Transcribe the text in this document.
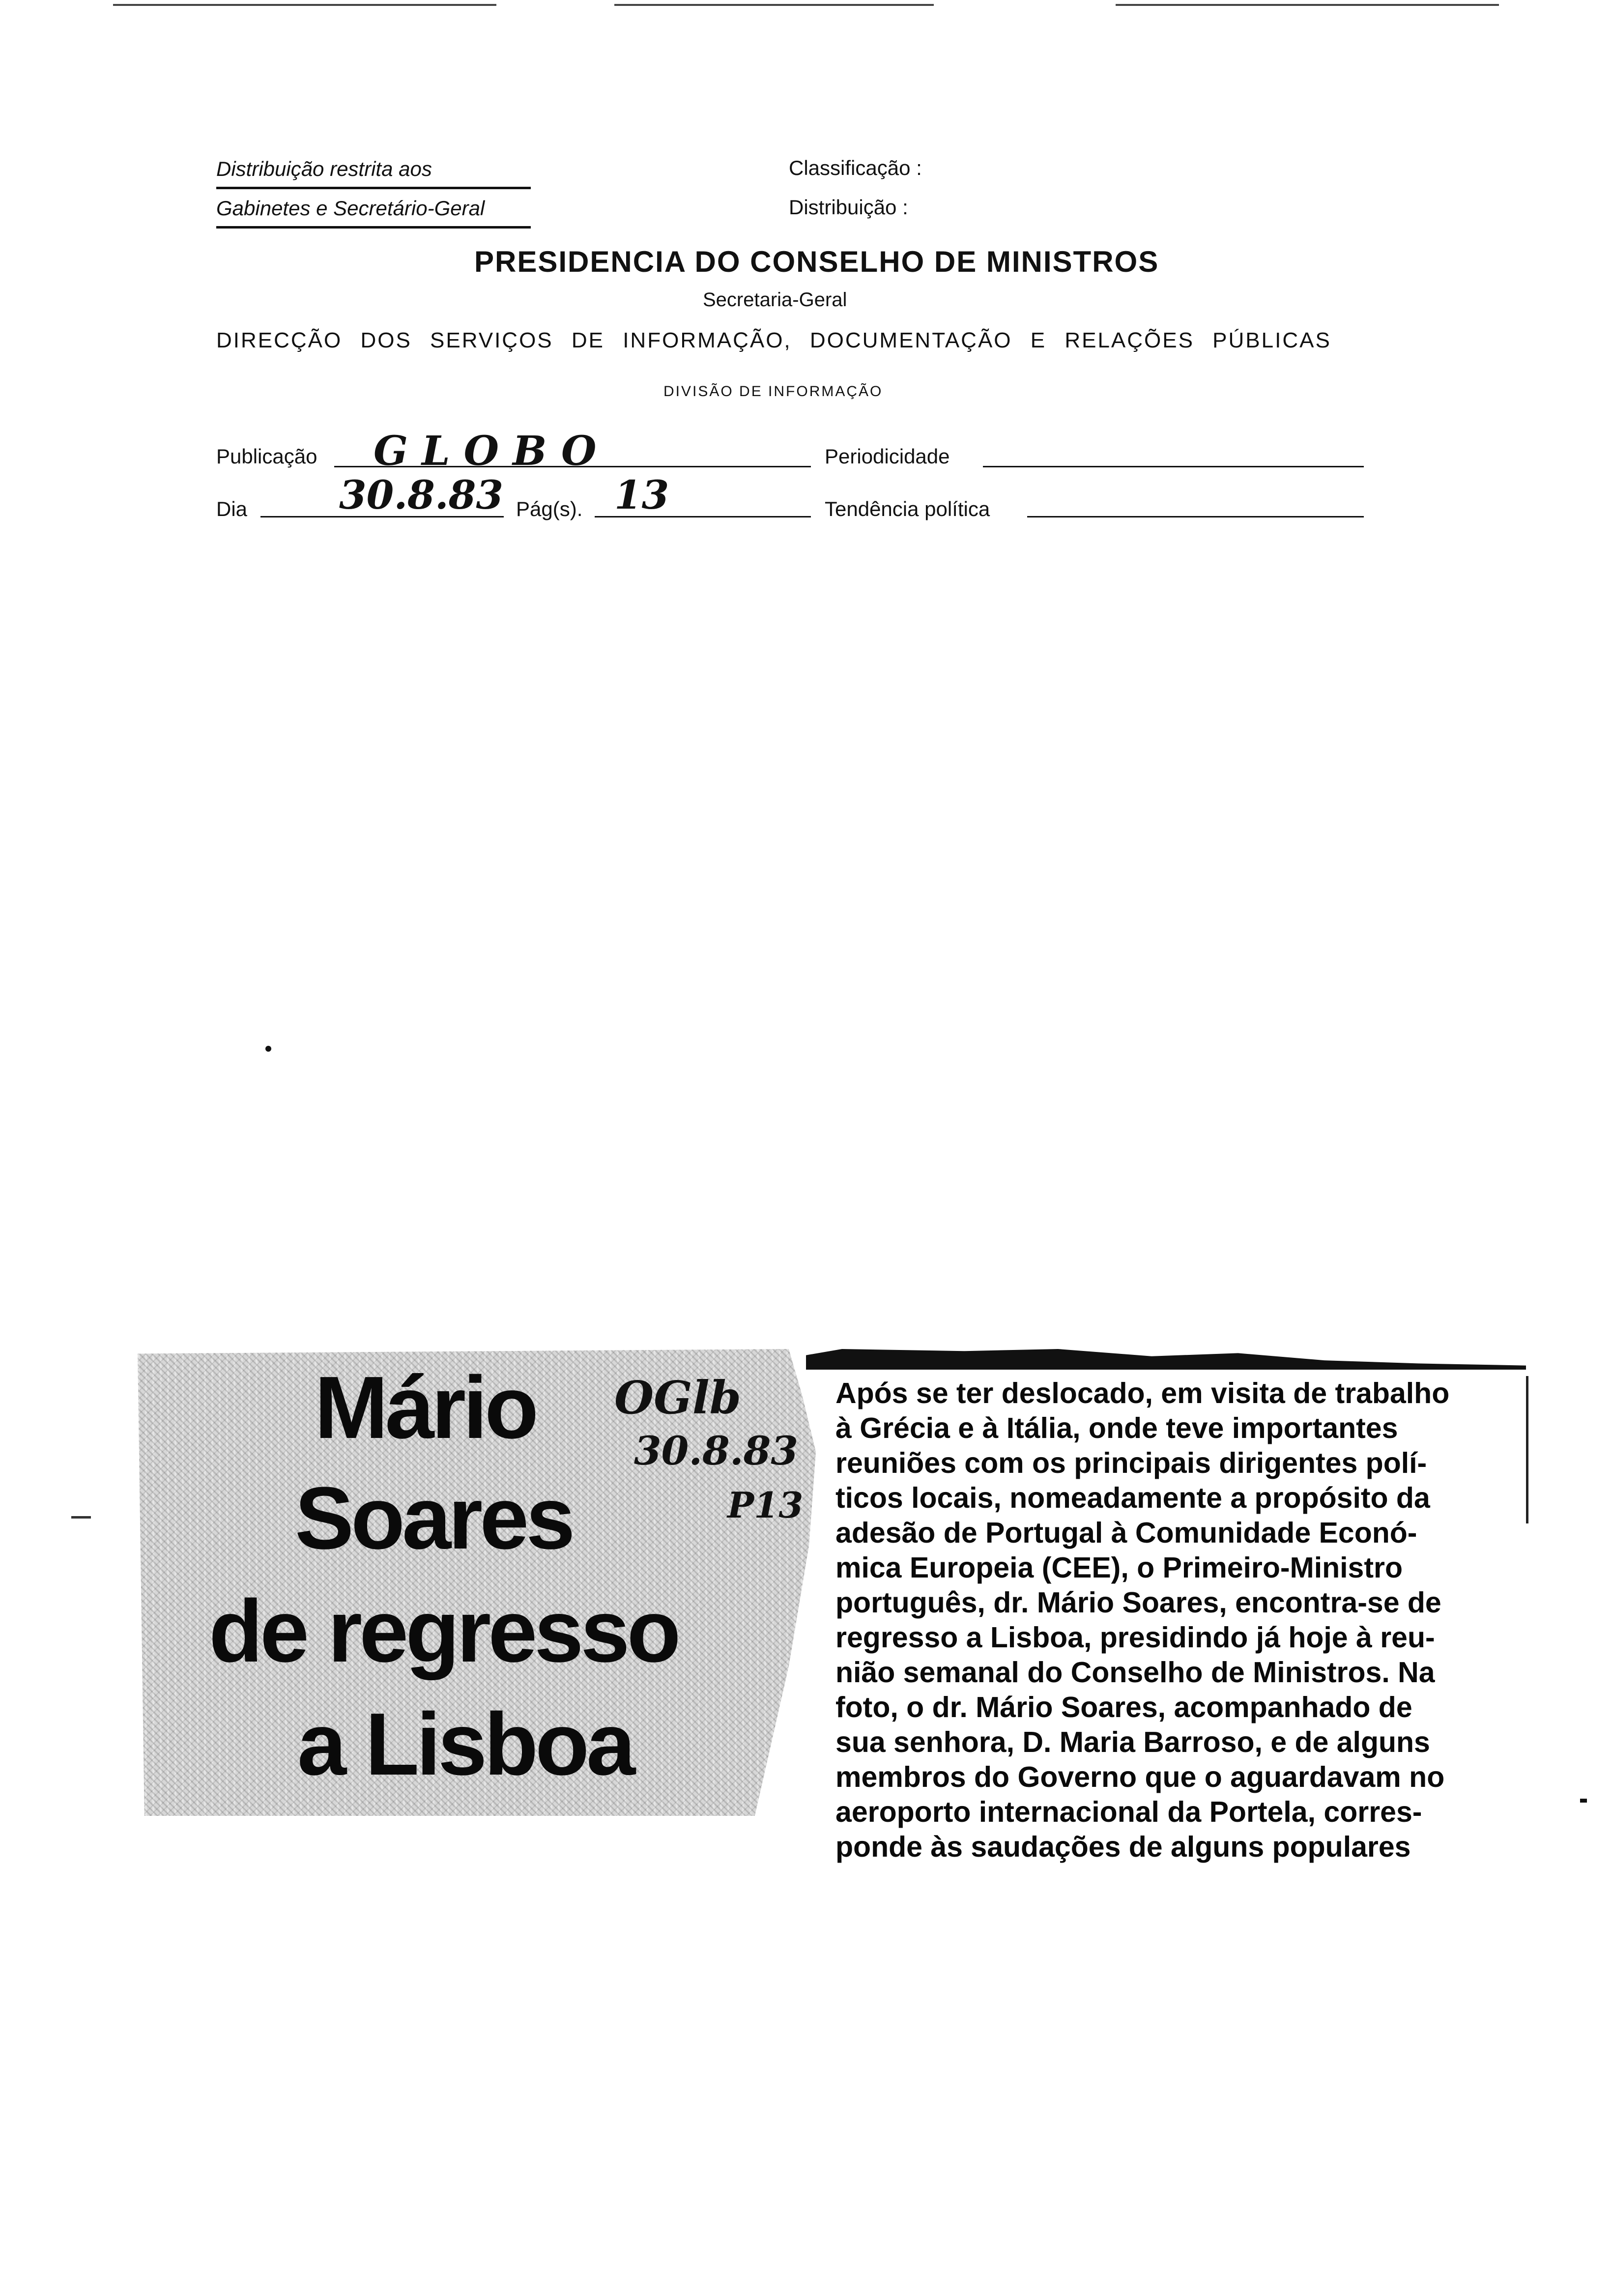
Distribuição restrita aos
Gabinetes e Secretário-Geral
Classificação :
Distribuição :
PRESIDENCIA DO CONSELHO DE MINISTROS
Secretaria-Geral
DIRECÇÃO DOS SERVIÇOS DE INFORMAÇÃO, DOCUMENTAÇÃO E RELAÇÕES PÚBLICAS
DIVISÃO DE INFORMAÇÃO
Publicação GLOBO	Periodicidade
Dia 30.8.83 Pág(s). 13	Tendência política
Mário
Soares
de regresso
a Lisboa
OGlb
30.8.83
P13
Após se ter deslocado, em visita de trabalho
à Grécia e à Itália, onde teve importantes
reuniões com os principais dirigentes polí-
ticos locais, nomeadamente a propósito da
adesão de Portugal à Comunidade Econó-
mica Europeia (CEE), o Primeiro-Ministro
português, dr. Mário Soares, encontra-se de
regresso a Lisboa, presidindo já hoje à reu-
nião semanal do Conselho de Ministros. Na
foto, o dr. Mário Soares, acompanhado de
sua senhora, D. Maria Barroso, e de alguns
membros do Governo que o aguardavam no
aeroporto internacional da Portela, corres-
ponde às saudações de alguns populares
